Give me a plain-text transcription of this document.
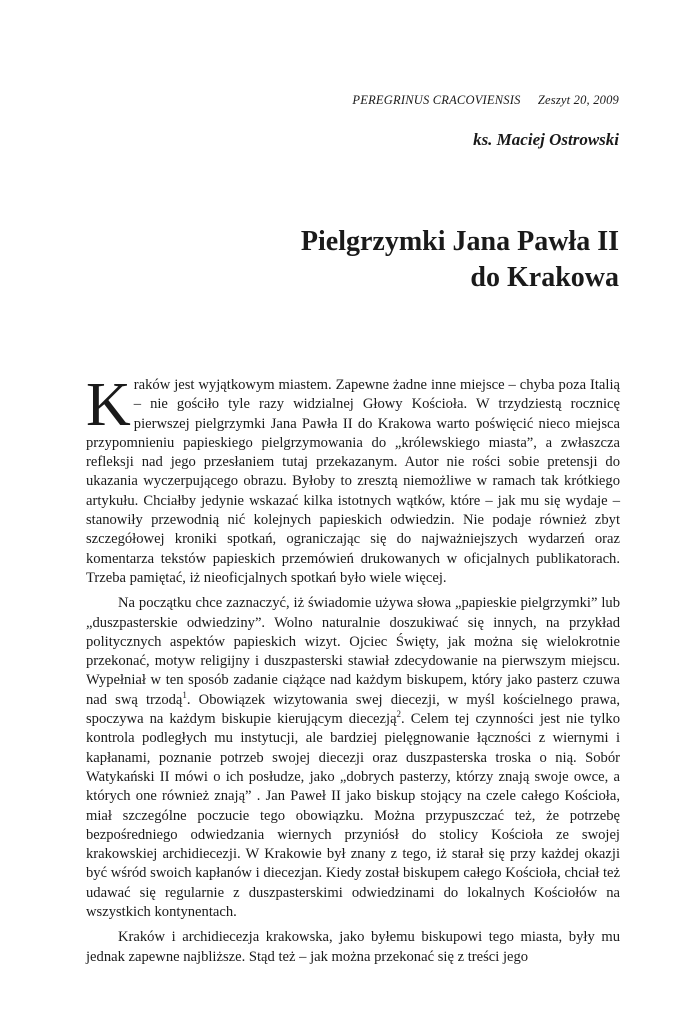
PEREGRINUS CRACOVIENSIS Zeszyt 20, 2009
ks. Maciej Ostrowski
Pielgrzymki Jana Pawła II
do Krakowa

Kraków jest wyjątkowym miastem. Zapewne żadne inne miejsce – chyba poza Italią – nie gościło tyle razy widzialnej Głowy Kościoła. W trzydziestą rocznicę pierwszej pielgrzymki Jana Pawła II do Krakowa warto poświęcić nieco miejsca przypomnieniu papieskiego pielgrzymowania do „królewskiego miasta”, a zwłaszcza refleksji nad jego przesłaniem tutaj przekazanym. Autor nie rości sobie pretensji do ukazania wyczerpującego obrazu. Byłoby to zresztą niemożliwe w ramach tak krótkiego artykułu. Chciałby jedynie wskazać kilka istotnych wątków, które – jak mu się wydaje – stanowiły przewodnią nić kolejnych papieskich odwiedzin. Nie podaje również zbyt szczegółowej kroniki spotkań, ograniczając się do najważniejszych wydarzeń oraz komentarza tekstów papieskich przemówień drukowanych w oficjalnych publikatorach. Trzeba pamiętać, iż nieoficjalnych spotkań było wiele więcej.

Na początku chce zaznaczyć, iż świadomie używa słowa „papieskie pielgrzymki” lub „duszpasterskie odwiedziny”. Wolno naturalnie doszukiwać się innych, na przykład politycznych aspektów papieskich wizyt. Ojciec Święty, jak można się wielokrotnie przekonać, motyw religijny i duszpasterski stawiał zdecydowanie na pierwszym miejscu. Wypełniał w ten sposób zadanie ciążące nad każdym biskupem, który jako pasterz czuwa nad swą trzodą$^1$. Obowiązek wizytowania swej diecezji, w myśl kościelnego prawa, spoczywa na każdym biskupie kierującym diecezją$^2$. Celem tej czynności jest nie tylko kontrola podległych mu instytucji, ale bardziej pielęgnowanie łączności z wiernymi i kapłanami, poznanie potrzeb swojej diecezji oraz duszpasterska troska o nią. Sobór Watykański II mówi o ich posłudze, jako „dobrych pasterzy, którzy znają swoje owce, a których one również znają” . Jan Paweł II jako biskup stojący na czele całego Kościoła, miał szczególne poczucie tego obowiązku. Można przypuszczać też, że potrzebę bezpośredniego odwiedzania wiernych przyniósł do stolicy Kościoła ze swojej krakowskiej archidiecezji. W Krakowie był znany z tego, iż starał się przy każdej okazji być wśród swoich kapłanów i diecezjan. Kiedy został biskupem całego Kościoła, chciał też udawać się regularnie z duszpasterskimi odwiedzinami do lokalnych Kościołów na wszystkich kontynentach.

Kraków i archidiecezja krakowska, jako byłemu biskupowi tego miasta, były mu jednak zapewne najbliższe. Stąd też – jak można przekonać się z treści jego
